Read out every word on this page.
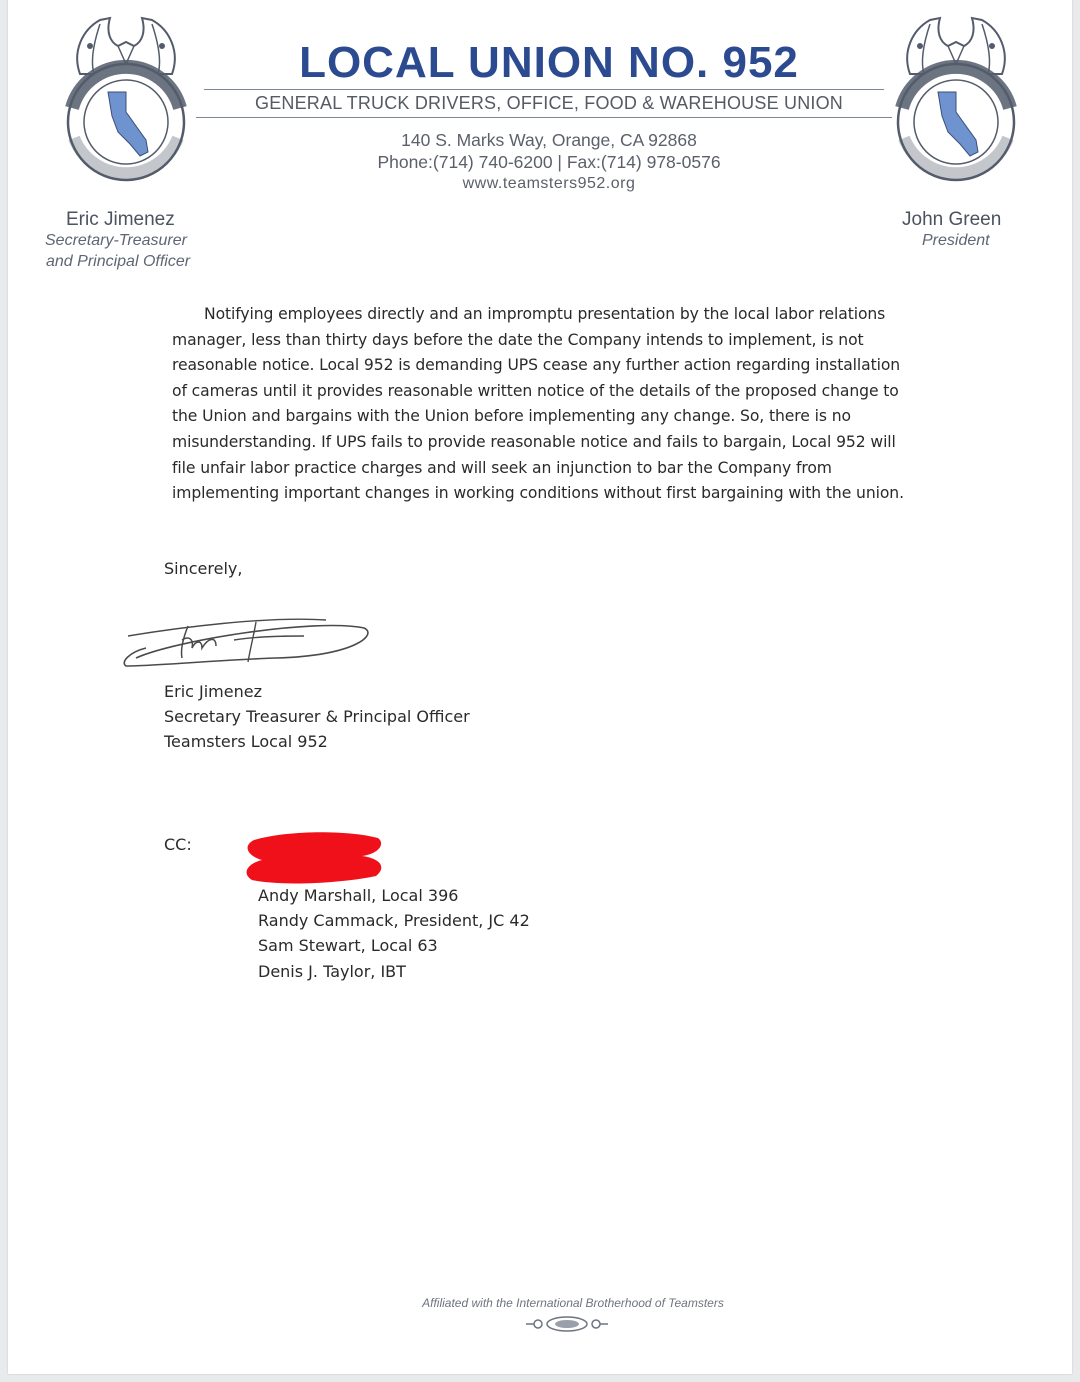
LOCAL UNION NO. 952
GENERAL TRUCK DRIVERS, OFFICE, FOOD & WAREHOUSE UNION
140 S. Marks Way, Orange, CA 92868
Phone:(714) 740-6200 | Fax:(714) 978-0576
www.teamsters952.org
Eric Jimenez
Secretary-Treasurer
and Principal Officer
John Green
President
Notifying employees directly and an impromptu presentation by the local labor relations manager, less than thirty days before the date the Company intends to implement, is not reasonable notice. Local 952 is demanding UPS cease any further action regarding installation of cameras until it provides reasonable written notice of the details of the proposed change to the Union and bargains with the Union before implementing any change. So, there is no misunderstanding. If UPS fails to provide reasonable notice and fails to bargain, Local 952 will file unfair labor practice charges and will seek an injunction to bar the Company from implementing important changes in working conditions without first bargaining with the union.
Sincerely,
Eric Jimenez
Secretary Treasurer & Principal Officer
Teamsters Local 952
CC:
Andy Marshall, Local 396
Randy Cammack, President, JC 42
Sam Stewart, Local 63
Denis J. Taylor, IBT
Affiliated with the International Brotherhood of Teamsters
